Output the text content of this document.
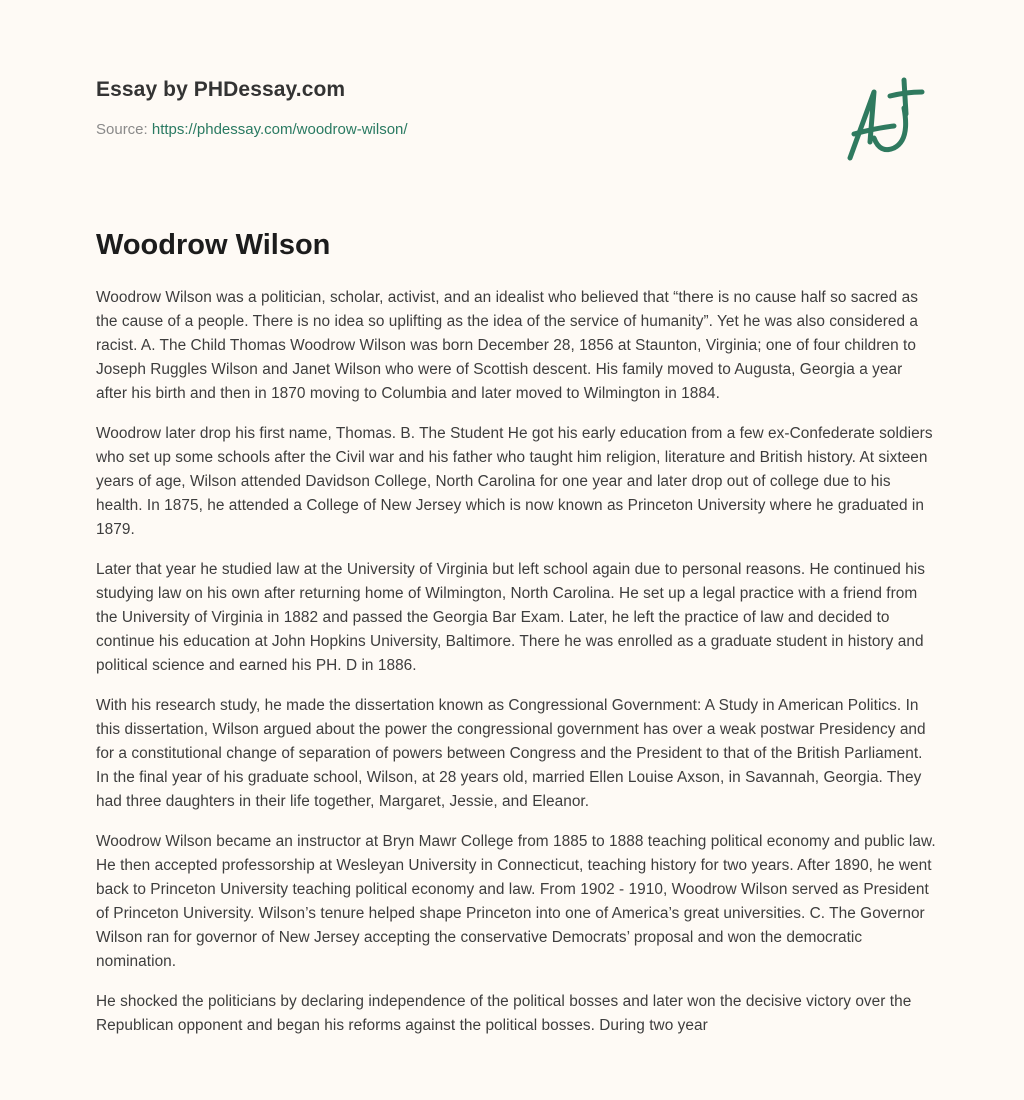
Essay by PHDessay.com
Source: https://phdessay.com/woodrow-wilson/
Woodrow Wilson

Woodrow Wilson was a politician, scholar, activist, and an idealist who believed that “there is no cause half so sacred as the cause of a people. There is no idea so uplifting as the idea of the service of humanity”. Yet he was also considered a racist. A. The Child Thomas Woodrow Wilson was born December 28, 1856 at Staunton, Virginia; one of four children to Joseph Ruggles Wilson and Janet Wilson who were of Scottish descent. His family moved to Augusta, Georgia a year after his birth and then in 1870 moving to Columbia and later moved to Wilmington in 1884.

Woodrow later drop his first name, Thomas. B. The Student He got his early education from a few ex-Confederate soldiers who set up some schools after the Civil war and his father who taught him religion, literature and British history. At sixteen years of age, Wilson attended Davidson College, North Carolina for one year and later drop out of college due to his health. In 1875, he attended a College of New Jersey which is now known as Princeton University where he graduated in 1879.

Later that year he studied law at the University of Virginia but left school again due to personal reasons. He continued his studying law on his own after returning home of Wilmington, North Carolina. He set up a legal practice with a friend from the University of Virginia in 1882 and passed the Georgia Bar Exam. Later, he left the practice of law and decided to continue his education at John Hopkins University, Baltimore. There he was enrolled as a graduate student in history and political science and earned his PH. D in 1886.

With his research study, he made the dissertation known as Congressional Government: A Study in American Politics. In this dissertation, Wilson argued about the power the congressional government has over a weak postwar Presidency and for a constitutional change of separation of powers between Congress and the President to that of the British Parliament. In the final year of his graduate school, Wilson, at 28 years old, married Ellen Louise Axson, in Savannah, Georgia. They had three daughters in their life together, Margaret, Jessie, and Eleanor.

Woodrow Wilson became an instructor at Bryn Mawr College from 1885 to 1888 teaching political economy and public law. He then accepted professorship at Wesleyan University in Connecticut, teaching history for two years. After 1890, he went back to Princeton University teaching political economy and law. From 1902 - 1910, Woodrow Wilson served as President of Princeton University. Wilson’s tenure helped shape Princeton into one of America’s great universities. C. The Governor Wilson ran for governor of New Jersey accepting the conservative Democrats’ proposal and won the democratic nomination.

He shocked the politicians by declaring independence of the political bosses and later won the decisive victory over the Republican opponent and began his reforms against the political bosses. During two year
